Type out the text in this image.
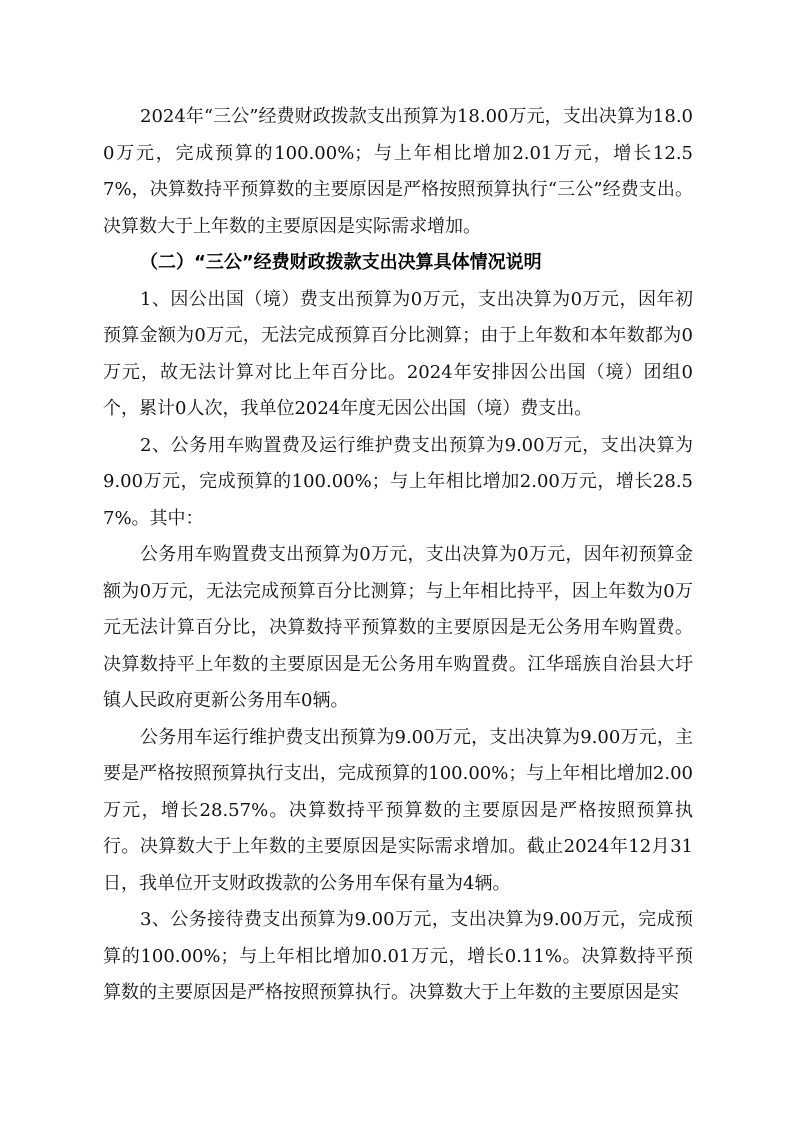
2024年“三公”经费财政拨款支出预算为18.00万元，支出决算为18.00万元，完成预算的100.00%；与上年相比增加2.01万元，增长12.57%，决算数持平预算数的主要原因是严格按照预算执行“三公”经费支出。决算数大于上年数的主要原因是实际需求增加。

（二）“三公”经费财政拨款支出决算具体情况说明

1、因公出国（境）费支出预算为0万元，支出决算为0万元，因年初预算金额为0万元，无法完成预算百分比测算；由于上年数和本年数都为0万元，故无法计算对比上年百分比。2024年安排因公出国（境）团组0个，累计0人次，我单位2024年度无因公出国（境）费支出。

2、公务用车购置费及运行维护费支出预算为9.00万元，支出决算为9.00万元，完成预算的100.00%；与上年相比增加2.00万元，增长28.57%。其中：

公务用车购置费支出预算为0万元，支出决算为0万元，因年初预算金额为0万元，无法完成预算百分比测算；与上年相比持平，因上年数为0万元无法计算百分比，决算数持平预算数的主要原因是无公务用车购置费。决算数持平上年数的主要原因是无公务用车购置费。江华瑶族自治县大圩镇人民政府更新公务用车0辆。

公务用车运行维护费支出预算为9.00万元，支出决算为9.00万元，主要是严格按照预算执行支出，完成预算的100.00%；与上年相比增加2.00万元，增长28.57%。决算数持平预算数的主要原因是严格按照预算执行。决算数大于上年数的主要原因是实际需求增加。截止2024年12月31日，我单位开支财政拨款的公务用车保有量为4辆。

3、公务接待费支出预算为9.00万元，支出决算为9.00万元，完成预算的100.00%；与上年相比增加0.01万元，增长0.11%。决算数持平预算数的主要原因是严格按照预算执行。决算数大于上年数的主要原因是实
